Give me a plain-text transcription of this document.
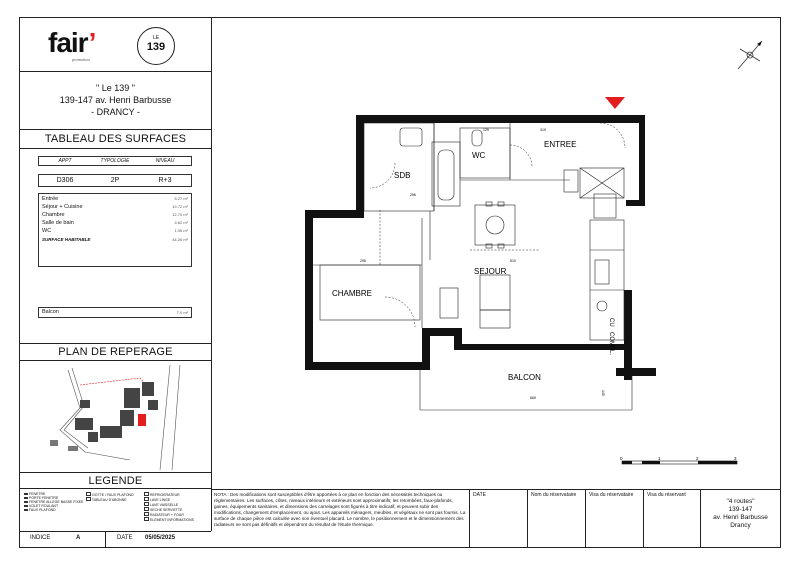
fair’
promotion
LE
139
" Le 139 "
139-147 av. Henri Barbusse
- DRANCY -
TABLEAU DES SURFACES
APPT	TYPOLOGIE	NIVEAU
D306	2P	R+3
Entrée	5.27 m²
Séjour + Cuisine	19.72 m²
Chambre	12.70 m²
Salle de bain	4.62 m²
WC	1.95 m²
SURFACE HABITABLE	44.26 m²
Balcon	7.0 m²
PLAN DE REPERAGE
LEGENDE
FENETRE
PORTE FENETRE
FENETRE ALLEGE BASSE FIXEE
VOLET ROULANT
FAUX PLAFOND
GOTTE / FAUX PLAFOND
TABLEAU D'ABONNE
REFRIGERATEUR
LAVE LINGE
LAVE VAISSELLE
SECHE SERVIETTE
RADIATEUR + FOUR
ELEMENT INFORMATIONS
INDICE	A	DATE 05/05/2025
NOTA : Des modifications sont susceptibles d'être apportées à ce plan en fonction des nécessités techniques ou réglementaires. Les surfaces, côtes, niveaux intérieurs et extérieurs sont approximatifs; les retombées, faux-plafonds, gaines, équipements sanitaires, et dimensions des carrelages sont figurés à titre indicatif, et peuvent subir des modifications, changement d'emplacement, ou ajout. Les appareils ménagers, meubles, et végétaux ne sont pas fournis. La surface de chaque pièce est calculée avec son éventuel placard. Le nombre, le positionnement et le dimensionnement des radiateurs ne sont pas définitifs et dépendront du résultat de l'étude thermique.
DATE	Nom du réservataire	Visa du réservataire	Visa du réservant
"4 routes"
139-147
av. Henri Barbusse
Drancy
SDB
WC
ENTREE
CHAMBRE
SEJOUR
BALCON
CU
COMPL.
129	319
256
295	510
669
145
0	1	2	3
